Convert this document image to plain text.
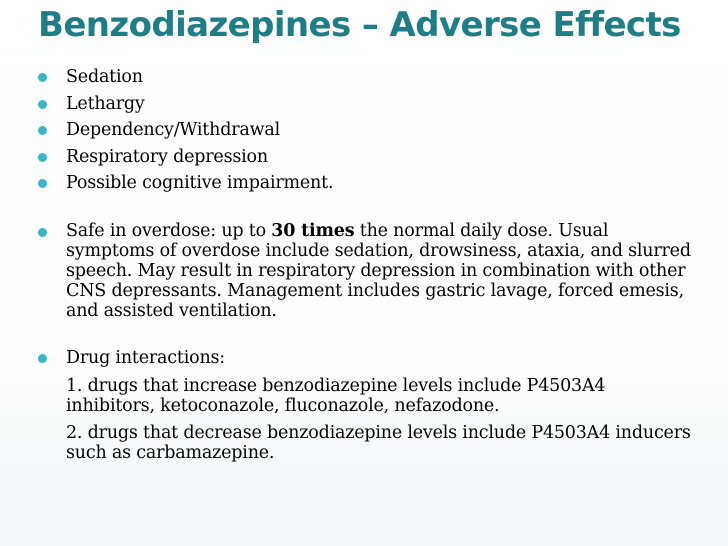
Benzodiazepines – Adverse Effects
Sedation
Lethargy
Dependency/Withdrawal
Respiratory depression
Possible cognitive impairment.
Safe in overdose: up to 30 times the normal daily dose. Usual symptoms of overdose include sedation, drowsiness, ataxia, and slurred speech. May result in respiratory depression in combination with other CNS depressants. Management includes gastric lavage, forced emesis, and assisted ventilation.
Drug interactions:
1. drugs that increase benzodiazepine levels include P4503A4 inhibitors, ketoconazole, fluconazole, nefazodone.
2. drugs that decrease benzodiazepine levels include P4503A4 inducers such as carbamazepine.
